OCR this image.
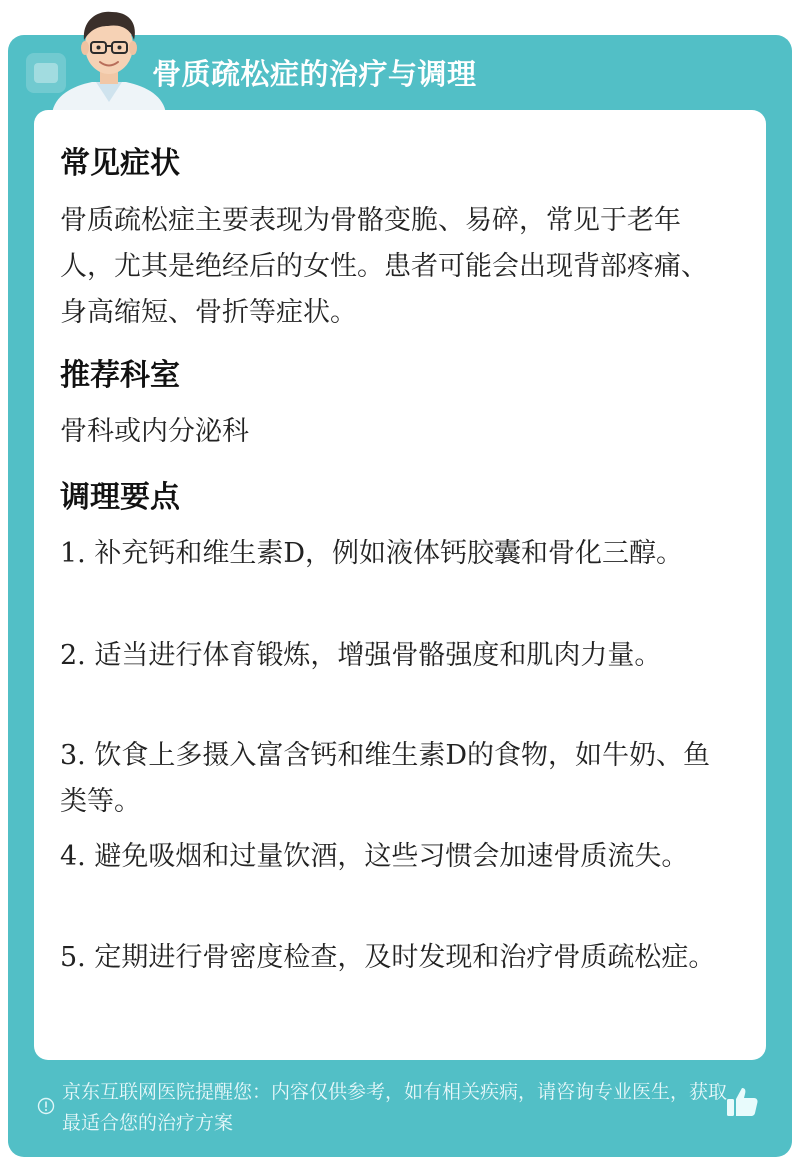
骨质疏松症的治疗与调理
常见症状
骨质疏松症主要表现为骨骼变脆、易碎，常见于老年人，尤其是绝经后的女性。患者可能会出现背部疼痛、身高缩短、骨折等症状。
推荐科室
骨科或内分泌科
调理要点
1. 补充钙和维生素D，例如液体钙胶囊和骨化三醇。
2. 适当进行体育锻炼，增强骨骼强度和肌肉力量。
3. 饮食上多摄入富含钙和维生素D的食物，如牛奶、鱼类等。
4. 避免吸烟和过量饮酒，这些习惯会加速骨质流失。
5. 定期进行骨密度检查，及时发现和治疗骨质疏松症。
京东互联网医院提醒您：内容仅供参考，如有相关疾病，请咨询专业医生，获取最适合您的治疗方案
